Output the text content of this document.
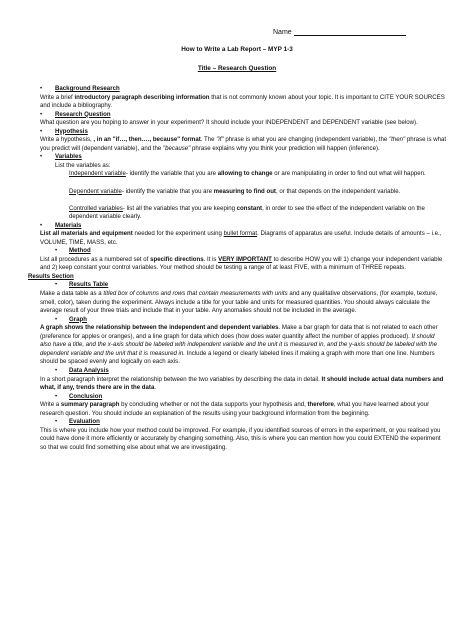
Name
How to Write a Lab Report – MYP 1-3
Title – Research Question
• Background Research

Write a brief introductory paragraph describing information that is not commonly known about your topic. It is important to CITE YOUR SOURCES and include a bibliography.

• Research Question

What question are you hoping to answer in your experiment? It should include your INDEPENDENT and DEPENDENT variable (see below).

• Hypothesis

Write a hypothesis, , in an "if…, then…., because" format. The "if" phrase is what you are changing (independent variable), the "then" phrase is what you predict will (dependent variable), and the "because" phrase explains why you think your prediction will happen (inference).

• Variables

List the variables as:

Independent variable- identify the variable that you are allowing to change or are manipulating in order to find out what will happen.

Dependent variable- identify the variable that you are measuring to find out, or that depends on the independent variable.

Controlled variables- list all the variables that you are keeping constant, in order to see the effect of the independent variable on the dependent variable clearly.

• Materials

List all materials and equipment needed for the experiment using bullet format. Diagrams of apparatus are useful. Include details of amounts – i.e., VOLUME, TIME, MASS, etc.

• Method

List all procedures as a numbered set of specific directions. It is VERY IMPORTANT to describe HOW you will 1) change your independent variable and 2) keep constant your control variables. Your method should be testing a range of at least FIVE, with a minimum of THREE repeats.

Results Section
• Results Table

Make a data table as a titled box of columns and rows that contain measurements with units and any qualitative observations, (for example, texture, smell, color), taken during the experiment. Always include a title for your table and units for measured quantities. You should always calculate the average result of your three trials and include that in your table. Any anomalies should not be included in the average.

• Graph

A graph shows the relationship between the independent and dependent variables. Make a bar graph for data that is not related to each other (preference for apples or oranges), and a line graph for data which does (how does water quantity affect the number of apples produced). It should also have a title, and the x-axis should be labeled with independent variable and the unit it is measured in, and the y-axis should be labeled with the dependent variable and the unit that it is measured in. Include a legend or clearly labeled lines if making a graph with more than one line. Numbers should be spaced evenly and logically on each axis.

• Data Analysis

In a short paragraph interpret the relationship between the two variables by describing the data in detail. It should include actual data numbers and what, if any, trends there are in the data.

• Conclusion

Write a summary paragraph by concluding whether or not the data supports your hypothesis and, therefore, what you have learned about your research question. You should include an explanation of the results using your background information from the beginning.

• Evaluation

This is where you include how your method could be improved. For example, if you identified sources of errors in the experiment, or you realised you could have done it more efficiently or accurately by changing something. Also, this is where you can mention how you could EXTEND the experiment so that we could find something else about what we are investigating.
